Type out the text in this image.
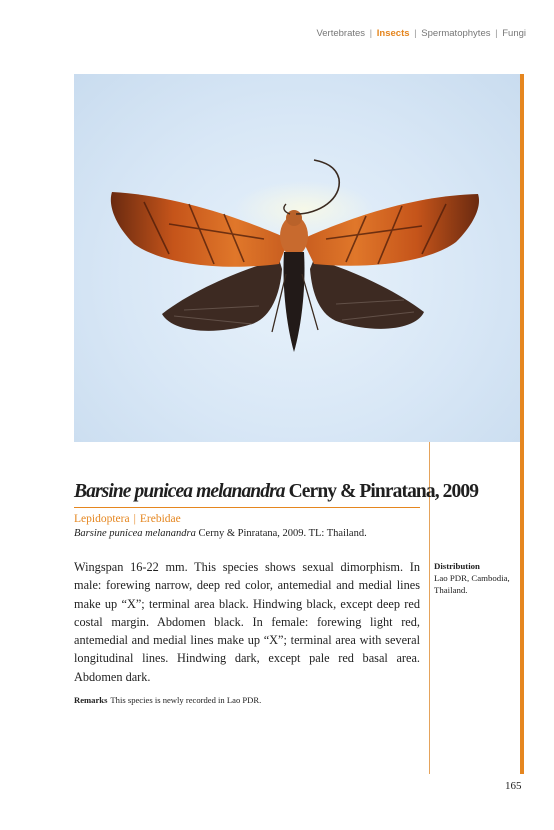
Vertebrates | Insects | Spermatophytes | Fungi
Barsine punicea melanandra Cerny & Pinratana, 2009
Lepidoptera | Erebidae
Barsine punicea melanandra Cerny & Pinratana, 2009. TL: Thailand.
Wingspan 16-22 mm. This species shows sexual dimorphism. In male: forewing narrow, deep red color, antemedial and medial lines make up “X”; terminal area black. Hindwing black, except deep red costal margin. Abdomen black. In female: forewing light red, antemedial and medial lines make up “X”; terminal area with several longitudinal lines. Hindwing dark, except pale red basal area. Abdomen dark.
Remarks This species is newly recorded in Lao PDR.
Distribution
Lao PDR, Cambodia, Thailand.
165
